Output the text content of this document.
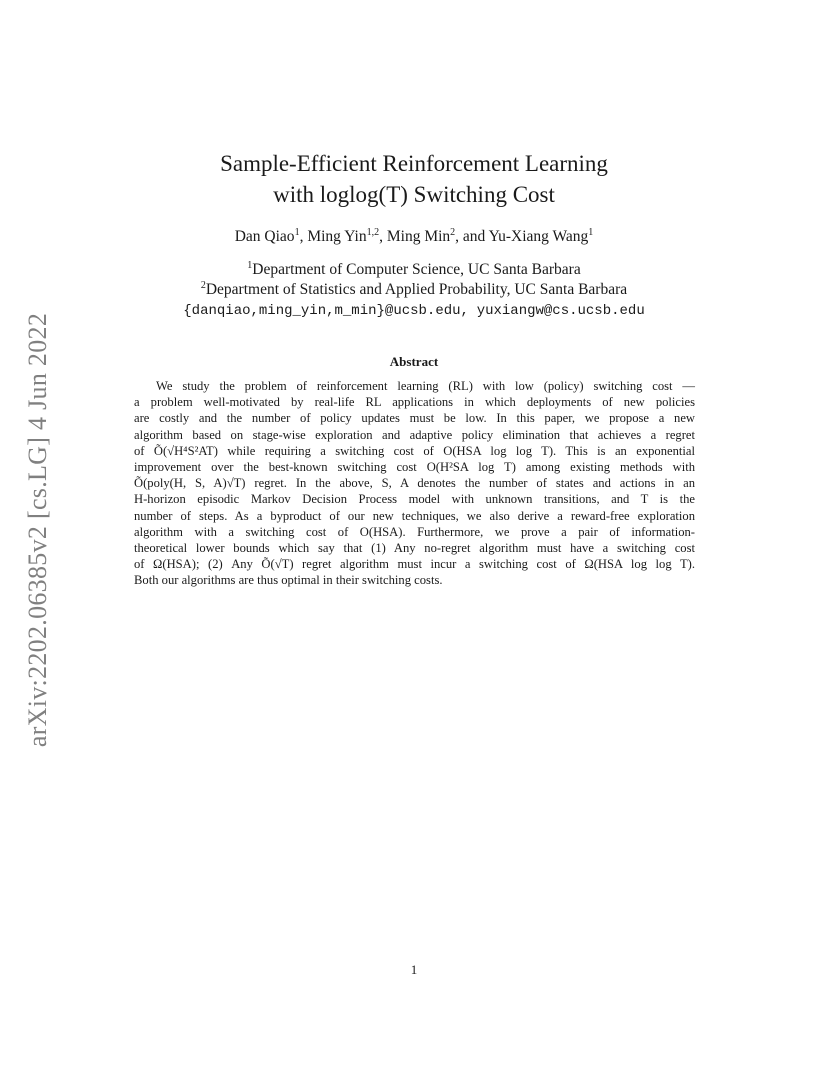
arXiv:2202.06385v2 [cs.LG] 4 Jun 2022
Sample-Efficient Reinforcement Learning
with loglog(T) Switching Cost
Dan Qiao$^1$, Ming Yin$^{1,2}$, Ming Min$^2$, and Yu-Xiang Wang$^1$
$^1$Department of Computer Science, UC Santa Barbara
$^2$Department of Statistics and Applied Probability, UC Santa Barbara
{danqiao,ming_yin,m_min}@ucsb.edu, yuxiangw@cs.ucsb.edu
Abstract
We study the problem of reinforcement learning (RL) with low (policy) switching cost —
a problem well-motivated by real-life RL applications in which deployments of new policies
are costly and the number of policy updates must be low. In this paper, we propose a new
algorithm based on stage-wise exploration and adaptive policy elimination that achieves a regret
of Õ(√H⁴S²AT) while requiring a switching cost of O(HSA log log T). This is an exponential
improvement over the best-known switching cost O(H²SA log T) among existing methods with
Õ(poly(H, S, A)√T) regret. In the above, S, A denotes the number of states and actions in an
H-horizon episodic Markov Decision Process model with unknown transitions, and T is the
number of steps. As a byproduct of our new techniques, we also derive a reward-free exploration
algorithm with a switching cost of O(HSA). Furthermore, we prove a pair of information-
theoretical lower bounds which say that (1) Any no-regret algorithm must have a switching cost
of Ω(HSA); (2) Any Õ(√T) regret algorithm must incur a switching cost of Ω(HSA log log T).
Both our algorithms are thus optimal in their switching costs.
1
